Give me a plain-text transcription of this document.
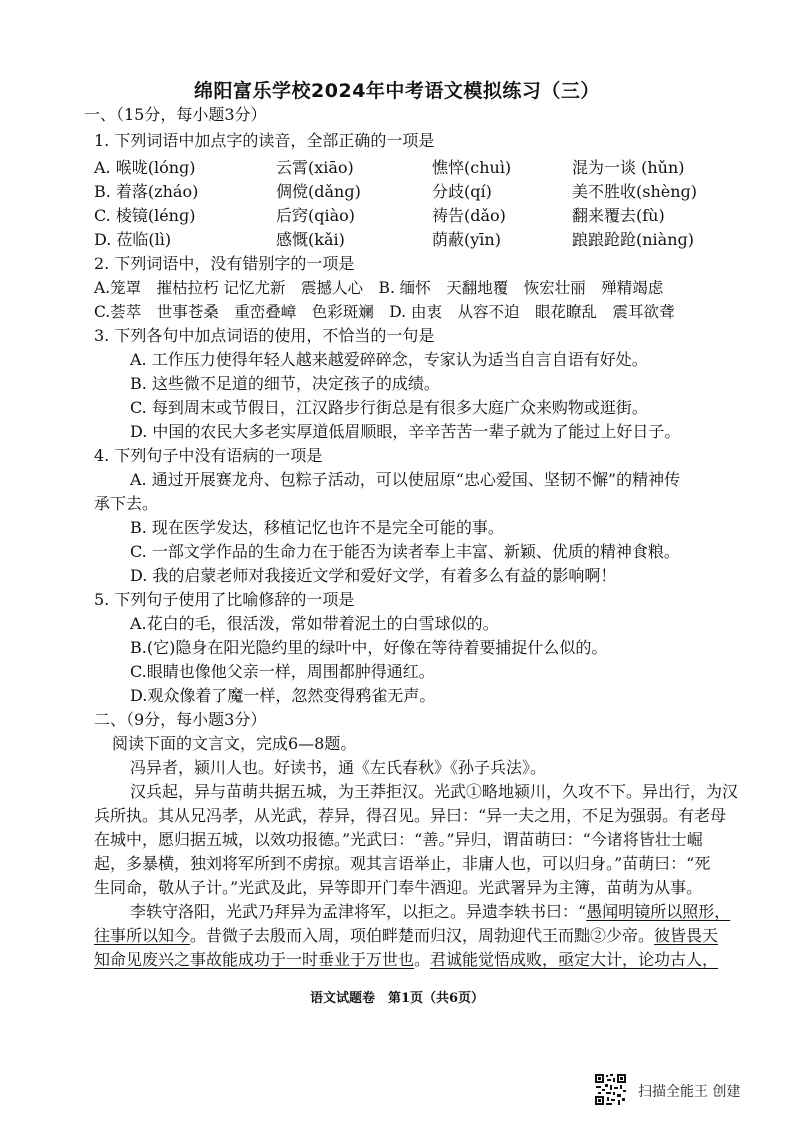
绵阳富乐学校2024年中考语文模拟练习（三）
一、（15分，每小题3分）
1. 下列词语中加点字的读音，全部正确的一项是
A. 喉咙(lónɡ)	云霄(xiāo)	憔悴(chuì)	混为一谈 (hǔn)
B. 着落(zháo)	倜傥(dǎnɡ)	分歧(qí)	美不胜收(shènɡ)
C. 棱镜(lénɡ)	后窍(qiào)	祷告(dǎo)	翻来覆去(fù)
D. 莅临(lì)	感慨(kǎi)	荫蔽(yīn)	踉踉跄跄(niànɡ)
2. 下列词语中，没有错别字的一项是
A.笼罩　摧枯拉朽 记忆尤新　震撼人心　B. 缅怀　天翻地覆　恢宏壮丽　殚精竭虑
C.荟萃　世事苍桑　重峦叠嶂　色彩斑斓　D. 由衷　从容不迫　眼花瞭乱　震耳欲聋
3. 下列各句中加点词语的使用，不恰当的一句是
A. 工作压力使得年轻人越来越爱碎碎念，专家认为适当自言自语有好处。
B. 这些微不足道的细节，决定孩子的成绩。
C. 每到周末或节假日，江汉路步行街总是有很多大庭广众来购物或逛街。
D. 中国的农民大多老实厚道低眉顺眼，辛辛苦苦一辈子就为了能过上好日子。
4. 下列句子中没有语病的一项是
A. 通过开展赛龙舟、包粽子活动，可以使屈原“忠心爱国、坚韧不懈”的精神传
承下去。
B. 现在医学发达，移植记忆也许不是完全可能的事。
C. 一部文学作品的生命力在于能否为读者奉上丰富、新颖、优质的精神食粮。
D. 我的启蒙老师对我接近文学和爱好文学，有着多么有益的影响啊！
5. 下列句子使用了比喻修辞的一项是
A.花白的毛，很活泼，常如带着泥土的白雪球似的。
B.(它)隐身在阳光隐约里的绿叶中，好像在等待着要捕捉什么似的。
C.眼睛也像他父亲一样，周围都肿得通红。
D.观众像着了魔一样，忽然变得鸦雀无声。
二、（9分，每小题3分）
阅读下面的文言文，完成6—8题。
冯异者，颍川人也。好读书，通《左氏春秋》《孙子兵法》。
汉兵起，异与苗萌共据五城，为王莽拒汉。光武①略地颍川，久攻不下。异出行，为汉
兵所执。其从兄冯孝，从光武，荐异，得召见。异曰：“异一夫之用，不足为强弱。有老母
在城中，愿归据五城，以效功报德。”光武曰：“善。”异归，谓苗萌曰：“今诸将皆壮士崛
起，多暴横，独刘将军所到不虏掠。观其言语举止，非庸人也，可以归身。”苗萌曰：“死
生同命，敬从子计。”光武及此，异等即开门奉牛酒迎。光武署异为主簿，苗萌为从事。
李轶守洛阳，光武乃拜异为孟津将军，以拒之。异遗李轶书曰：“愚闻明镜所以照形，
往事所以知今。昔微子去殷而入周，项伯畔楚而归汉，周勃迎代王而黜②少帝。彼皆畏天
知命见废兴之事故能成功于一时垂业于万世也。君诚能觉悟成败，亟定大计，论功古人，
语文试题卷　第1页（共6页）
扫描全能王 创建
